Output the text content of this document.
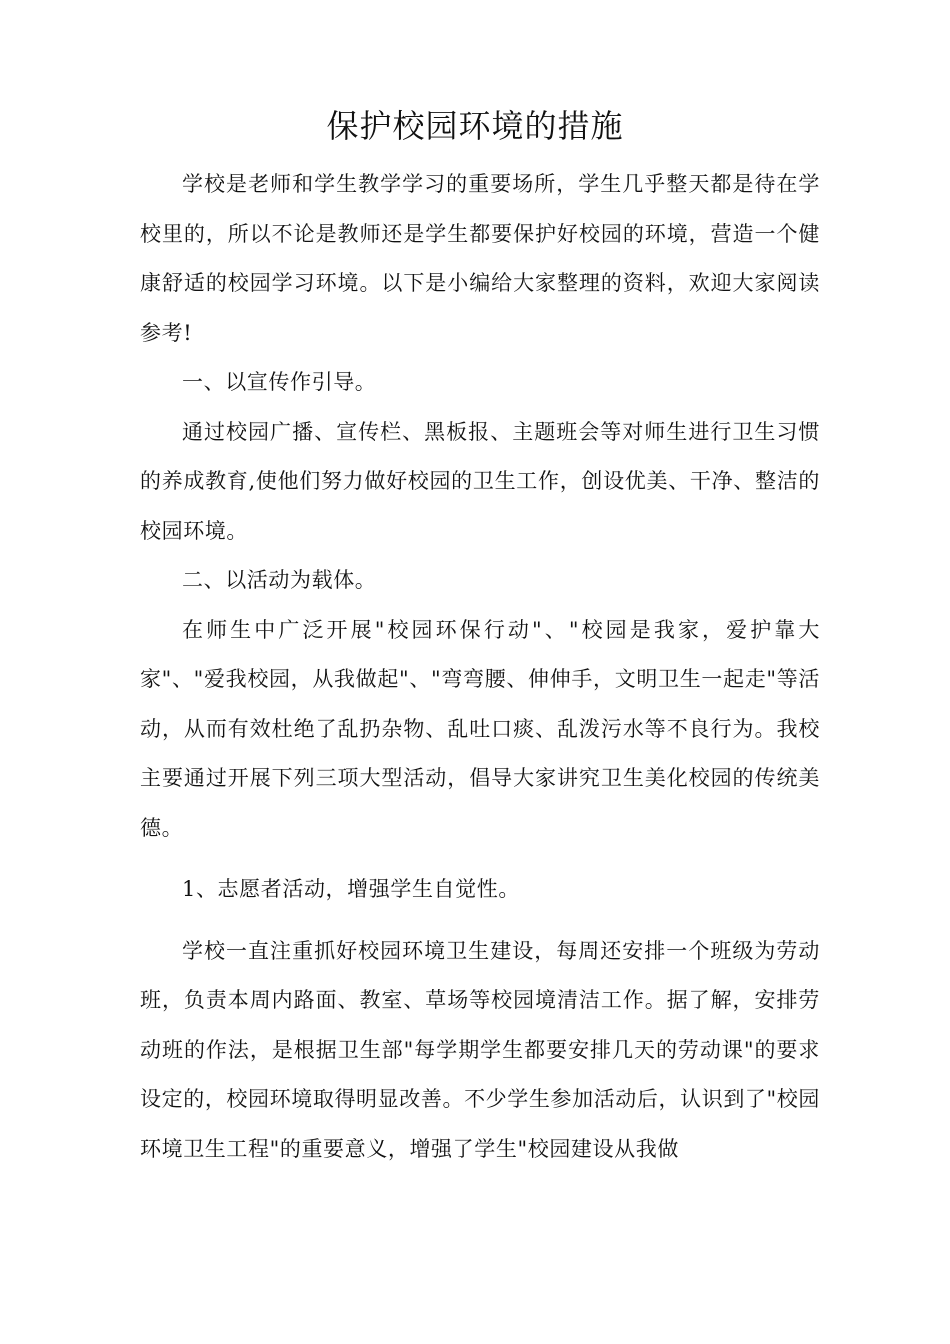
保护校园环境的措施

学校是老师和学生教学学习的重要场所，学生几乎整天都是待在学校里的，所以不论是教师还是学生都要保护好校园的环境，营造一个健康舒适的校园学习环境。以下是小编给大家整理的资料，欢迎大家阅读参考!

一、以宣传作引导。

通过校园广播、宣传栏、黑板报、主题班会等对师生进行卫生习惯的养成教育,使他们努力做好校园的卫生工作，创设优美、干净、整洁的校园环境。

二、以活动为载体。

在师生中广泛开展"校园环保行动"、"校园是我家，爱护靠大家"、"爱我校园，从我做起"、"弯弯腰、伸伸手，文明卫生一起走"等活动，从而有效杜绝了乱扔杂物、乱吐口痰、乱泼污水等不良行为。我校主要通过开展下列三项大型活动，倡导大家讲究卫生美化校园的传统美德。

1、志愿者活动，增强学生自觉性。

学校一直注重抓好校园环境卫生建设，每周还安排一个班级为劳动班，负责本周内路面、教室、草场等校园境清洁工作。据了解，安排劳动班的作法，是根据卫生部"每学期学生都要安排几天的劳动课"的要求设定的，校园环境取得明显改善。不少学生参加活动后，认识到了"校园环境卫生工程"的重要意义，增强了学生"校园建设从我做
